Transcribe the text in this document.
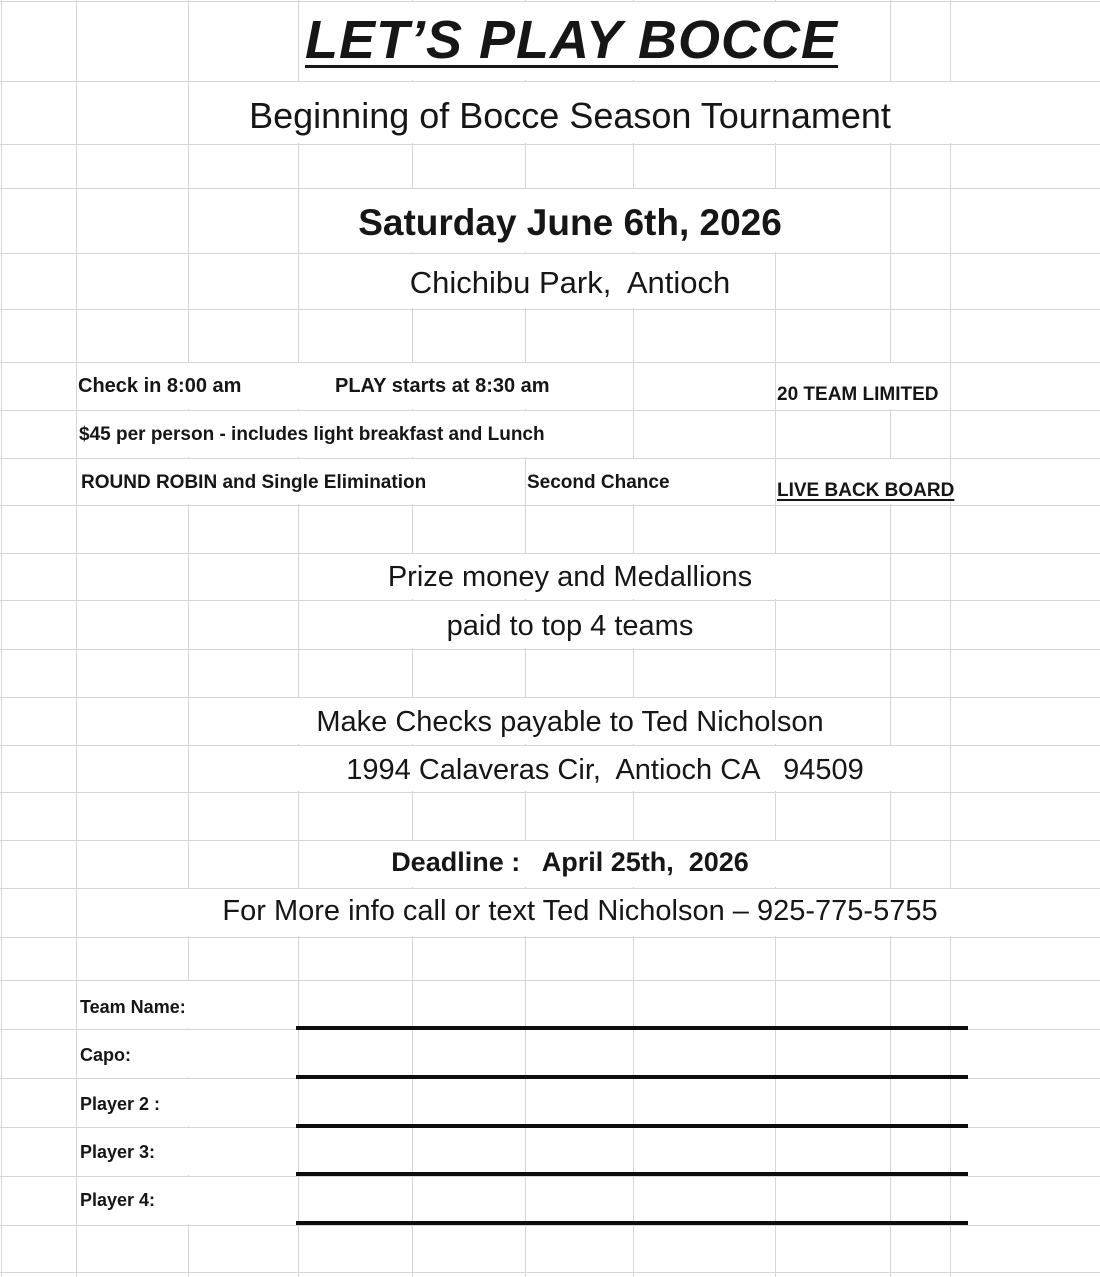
LET’S PLAY BOCCE
Beginning of Bocce Season Tournament
Saturday June 6th, 2026
Chichibu Park,  Antioch
Check in 8:00 am	PLAY starts at 8:30 am	20 TEAM LIMITED
$45 per person - includes light breakfast and Lunch
ROUND ROBIN and Single Elimination	Second Chance	LIVE BACK BOARD
Prize money and Medallions
paid to top 4 teams
Make Checks payable to Ted Nicholson
1994 Calaveras Cir,  Antioch CA   94509
Deadline :   April 25th,  2026
For More info call or text Ted Nicholson – 925-775-5755
Team Name:
Capo:
Player 2 :
Player 3:
Player 4:
